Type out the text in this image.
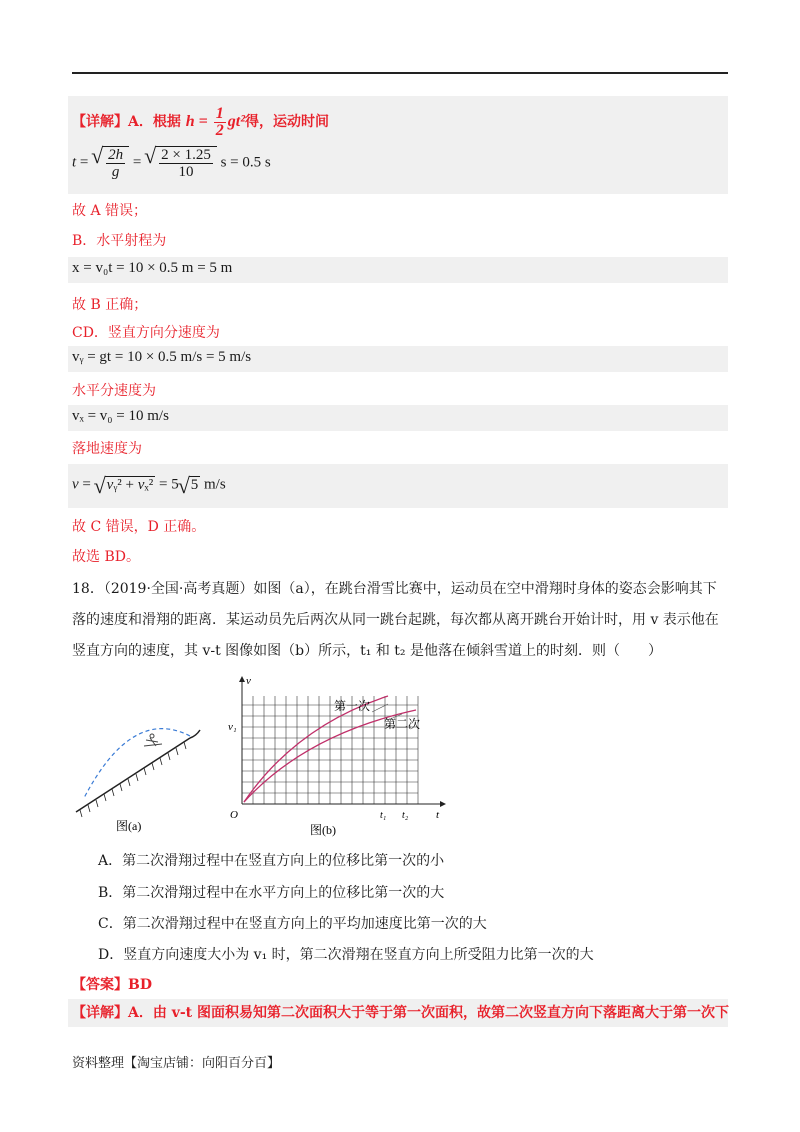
【详解】A．根据 $h = \frac{1}{2} gt^2$得，运动时间
t = √ $\frac{2h}{g}$ = √ $\frac{2 \times 1.25}{10}$ s = 0.5 s
故 A 错误；
B．水平射程为
x = v₀t = 10 × 0.5 m = 5 m
故 B 正确；
CD．竖直方向分速度为
vᵧ = gt = 10 × 0.5 m/s = 5 m/s
水平分速度为
vₓ = v₀ = 10 m/s
落地速度为
v = √ vᵧ² + vₓ² = 5 √ 5 m/s
故 C 错误，D 正确。
故选 BD。
18．（2019·全国·高考真题）如图（a），在跳台滑雪比赛中，运动员在空中滑翔时身体的姿态会影响其下
落的速度和滑翔的距离．某运动员先后两次从同一跳台起跳，每次都从离开跳台开始计时，用 v 表示他在
竖直方向的速度，其 v-t 图像如图（b）所示，t₁ 和 t₂ 是他落在倾斜雪道上的时刻．则（　　）
图(a)
v
t
O
v₁
t₁ t₂
第一次
第二次
图(b)
A．第二次滑翔过程中在竖直方向上的位移比第一次的小
B．第二次滑翔过程中在水平方向上的位移比第一次的大
C．第二次滑翔过程中在竖直方向上的平均加速度比第一次的大
D．竖直方向速度大小为 v₁ 时，第二次滑翔在竖直方向上所受阻力比第一次的大
【答案】BD
【详解】A．由 v-t 图面积易知第二次面积大于等于第一次面积，故第二次竖直方向下落距离大于第一次下
资料整理【淘宝店铺：向阳百分百】
